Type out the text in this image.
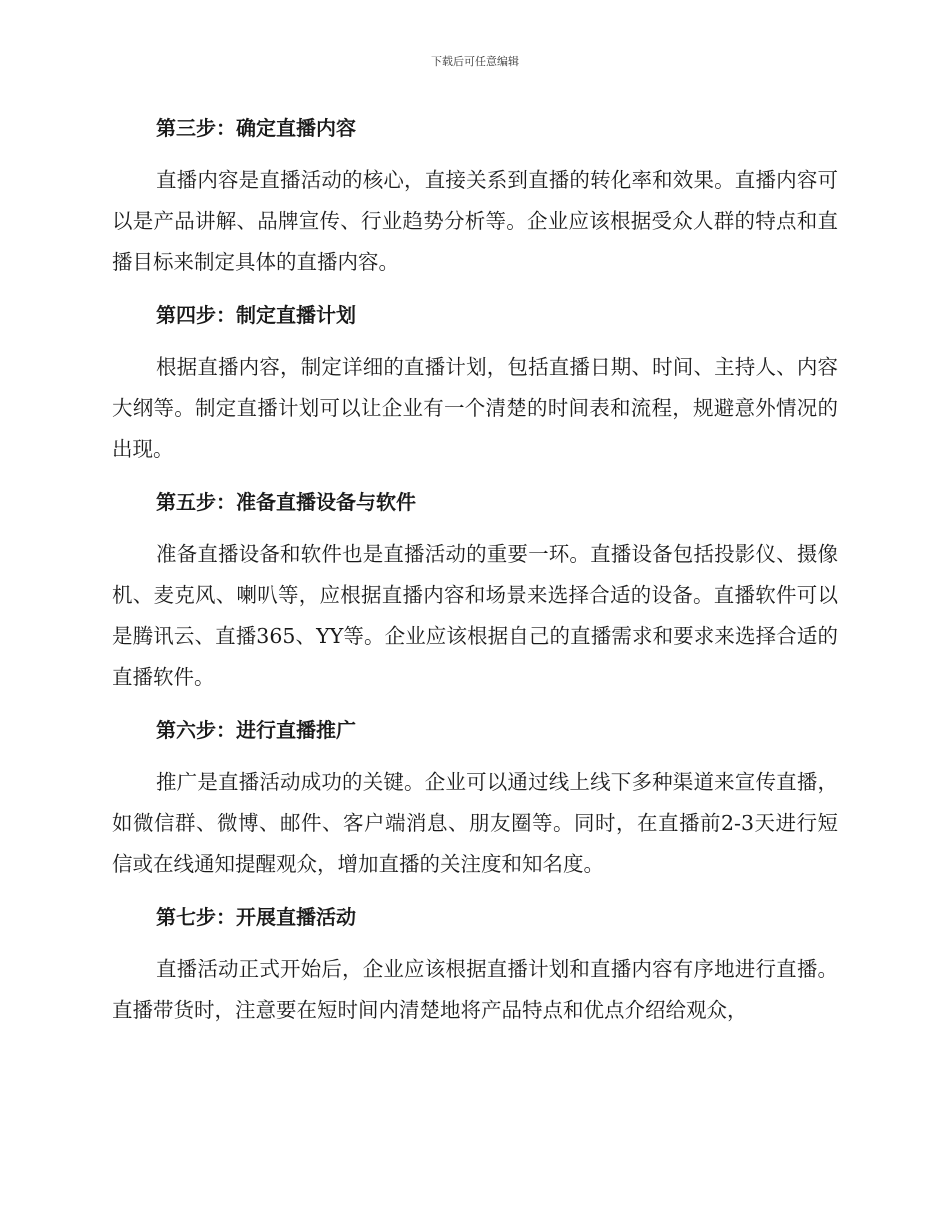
下载后可任意编辑

第三步：确定直播内容

直播内容是直播活动的核心，直接关系到直播的转化率和效果。直播内容可以是产品讲解、品牌宣传、行业趋势分析等。企业应该根据受众人群的特点和直播目标来制定具体的直播内容。

第四步：制定直播计划

根据直播内容，制定详细的直播计划，包括直播日期、时间、主持人、内容大纲等。制定直播计划可以让企业有一个清楚的时间表和流程，规避意外情况的出现。

第五步：准备直播设备与软件

准备直播设备和软件也是直播活动的重要一环。直播设备包括投影仪、摄像机、麦克风、喇叭等，应根据直播内容和场景来选择合适的设备。直播软件可以是腾讯云、直播365、YY等。企业应该根据自己的直播需求和要求来选择合适的直播软件。

第六步：进行直播推广

推广是直播活动成功的关键。企业可以通过线上线下多种渠道来宣传直播，如微信群、微博、邮件、客户端消息、朋友圈等。同时，在直播前2-3天进行短信或在线通知提醒观众，增加直播的关注度和知名度。

第七步：开展直播活动

直播活动正式开始后，企业应该根据直播计划和直播内容有序地进行直播。直播带货时，注意要在短时间内清楚地将产品特点和优点介绍给观众，
